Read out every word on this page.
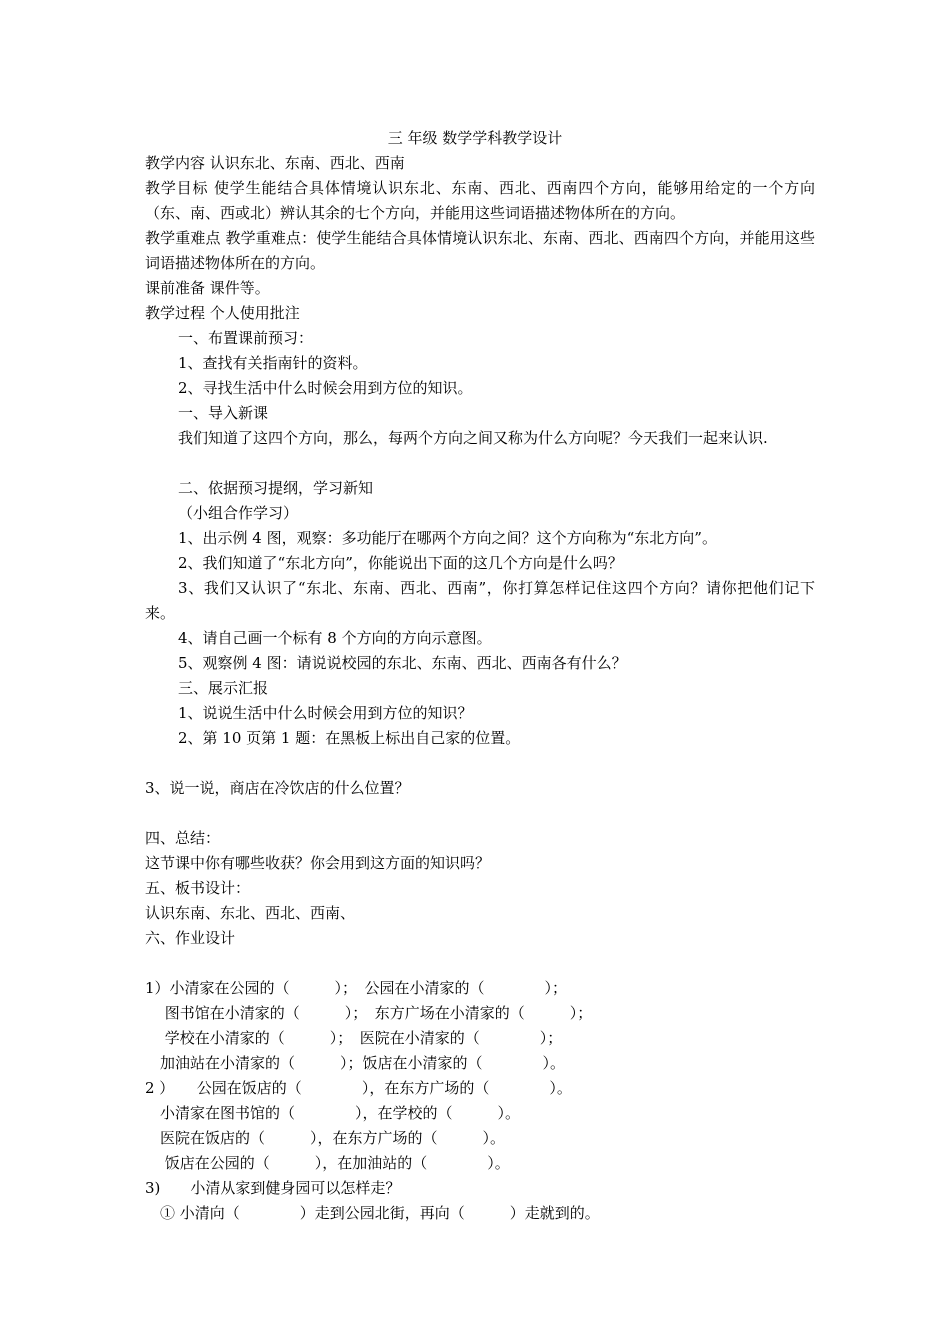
三 年级 数学学科教学设计
教学内容 认识东北、东南、西北、西南
教学目标 使学生能结合具体情境认识东北、东南、西北、西南四个方向，能够用给定的一个方向（东、南、西或北）辨认其余的七个方向，并能用这些词语描述物体所在的方向。
教学重难点 教学重难点：使学生能结合具体情境认识东北、东南、西北、西南四个方向，并能用这些词语描述物体所在的方向。
课前准备 课件等。
教学过程 个人使用批注
一、布置课前预习：
1、查找有关指南针的资料。
2、寻找生活中什么时候会用到方位的知识。
一、导入新课
我们知道了这四个方向，那么，每两个方向之间又称为什么方向呢？今天我们一起来认识.
二、依据预习提纲，学习新知
（小组合作学习）
1、出示例 4 图，观察：多功能厅在哪两个方向之间？这个方向称为“东北方向”。
2、我们知道了“东北方向”，你能说出下面的这几个方向是什么吗？
3、我们又认识了“东北、东南、西北、西南”，你打算怎样记住这四个方向？请你把他们记下来。
4、请自己画一个标有 8 个方向的方向示意图。
5、观察例 4 图：请说说校园的东北、东南、西北、西南各有什么？
三、展示汇报
1、说说生活中什么时候会用到方位的知识？
2、第 10 页第 1 题：在黑板上标出自己家的位置。
3、说一说，商店在冷饮店的什么位置？
四、总结：
这节课中你有哪些收获？你会用到这方面的知识吗？
五、板书设计：
认识东南、东北、西北、西南、
六、作业设计
1）小清家在公园的（　　　）；　公园在小清家的（　　　　）；
　 图书馆在小清家的（　　　）；　东方广场在小清家的（　　　）；
　 学校在小清家的（　　　）；　医院在小清家的（　　　　）；
　加油站在小清家的（　　　）；饭店在小清家的（　　　　）。
2 ）　　公园在饭店的（　　　　），在东方广场的（　　　　）。
　小清家在图书馆的（　　　　），在学校的（　　　）。
　医院在饭店的（　　　），在东方广场的（　　　）。
　 饭店在公园的（　　　），在加油站的（　　　　）。
3)　　小清从家到健身园可以怎样走？
　① 小清向（　　　　）走到公园北街，再向（　　　）走就到的。
